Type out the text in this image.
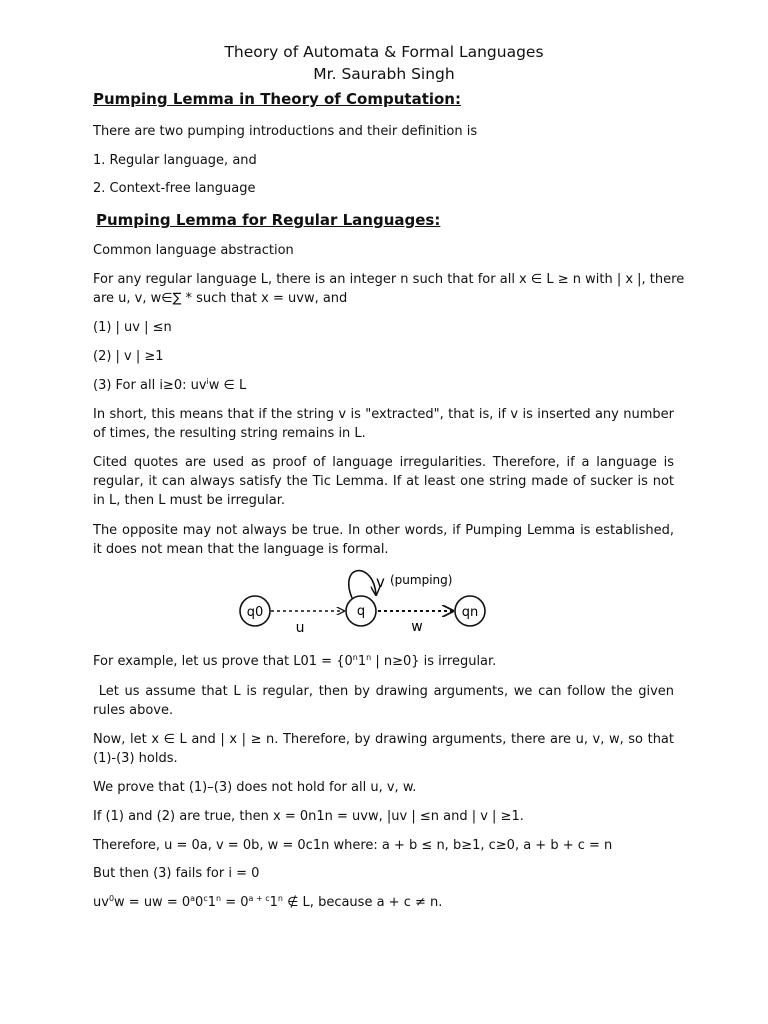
Theory of Automata & Formal Languages
Mr. Saurabh Singh
Pumping Lemma in Theory of Computation:
There are two pumping introductions and their definition is
1. Regular language, and
2. Context-free language
Pumping Lemma for Regular Languages:
Common language abstraction
For any regular language L, there is an integer n such that for all x ∈ L ≥ n with | x |, there
are u, v, w∈∑ * such that x = uvw, and
(1) | uv | ≤n
(2) | v | ≥1
(3) For all i≥0: $uv^iw$ ∈ L
In short, this means that if the string v is "extracted", that is, if v is inserted any number of times, the resulting string remains in L.
Cited quotes are used as proof of language irregularities. Therefore, if a language is regular, it can always satisfy the Tic Lemma. If at least one string made of sucker is not in L, then L must be irregular.
The opposite may not always be true. In other words, if Pumping Lemma is established, it does not mean that the language is formal.
q0
u
q
v (pumping)
w
qn
For example, let us prove that $L01 = \{0^n1^n$ | n≥0} is irregular.
Let us assume that L is regular, then by drawing arguments, we can follow the given rules above.
Now, let x ∈ L and | x | ≥ n. Therefore, by drawing arguments, there are u, v, w, so that (1)-(3) holds.
We prove that (1)–(3) does not hold for all u, v, w.
If (1) and (2) are true, then x = 0n1n = uvw, |uv | ≤n and | v | ≥1.
Therefore, u = 0a, v = 0b, w = 0c1n where: a + b ≤ n, b≥1, c≥0, a + b + c = n
But then (3) fails for i = 0
$uv^0w$ = uw = $0^a0^c1^n = 0^{a + c}1^n$ ∉ L, because a + c ≠ n.
